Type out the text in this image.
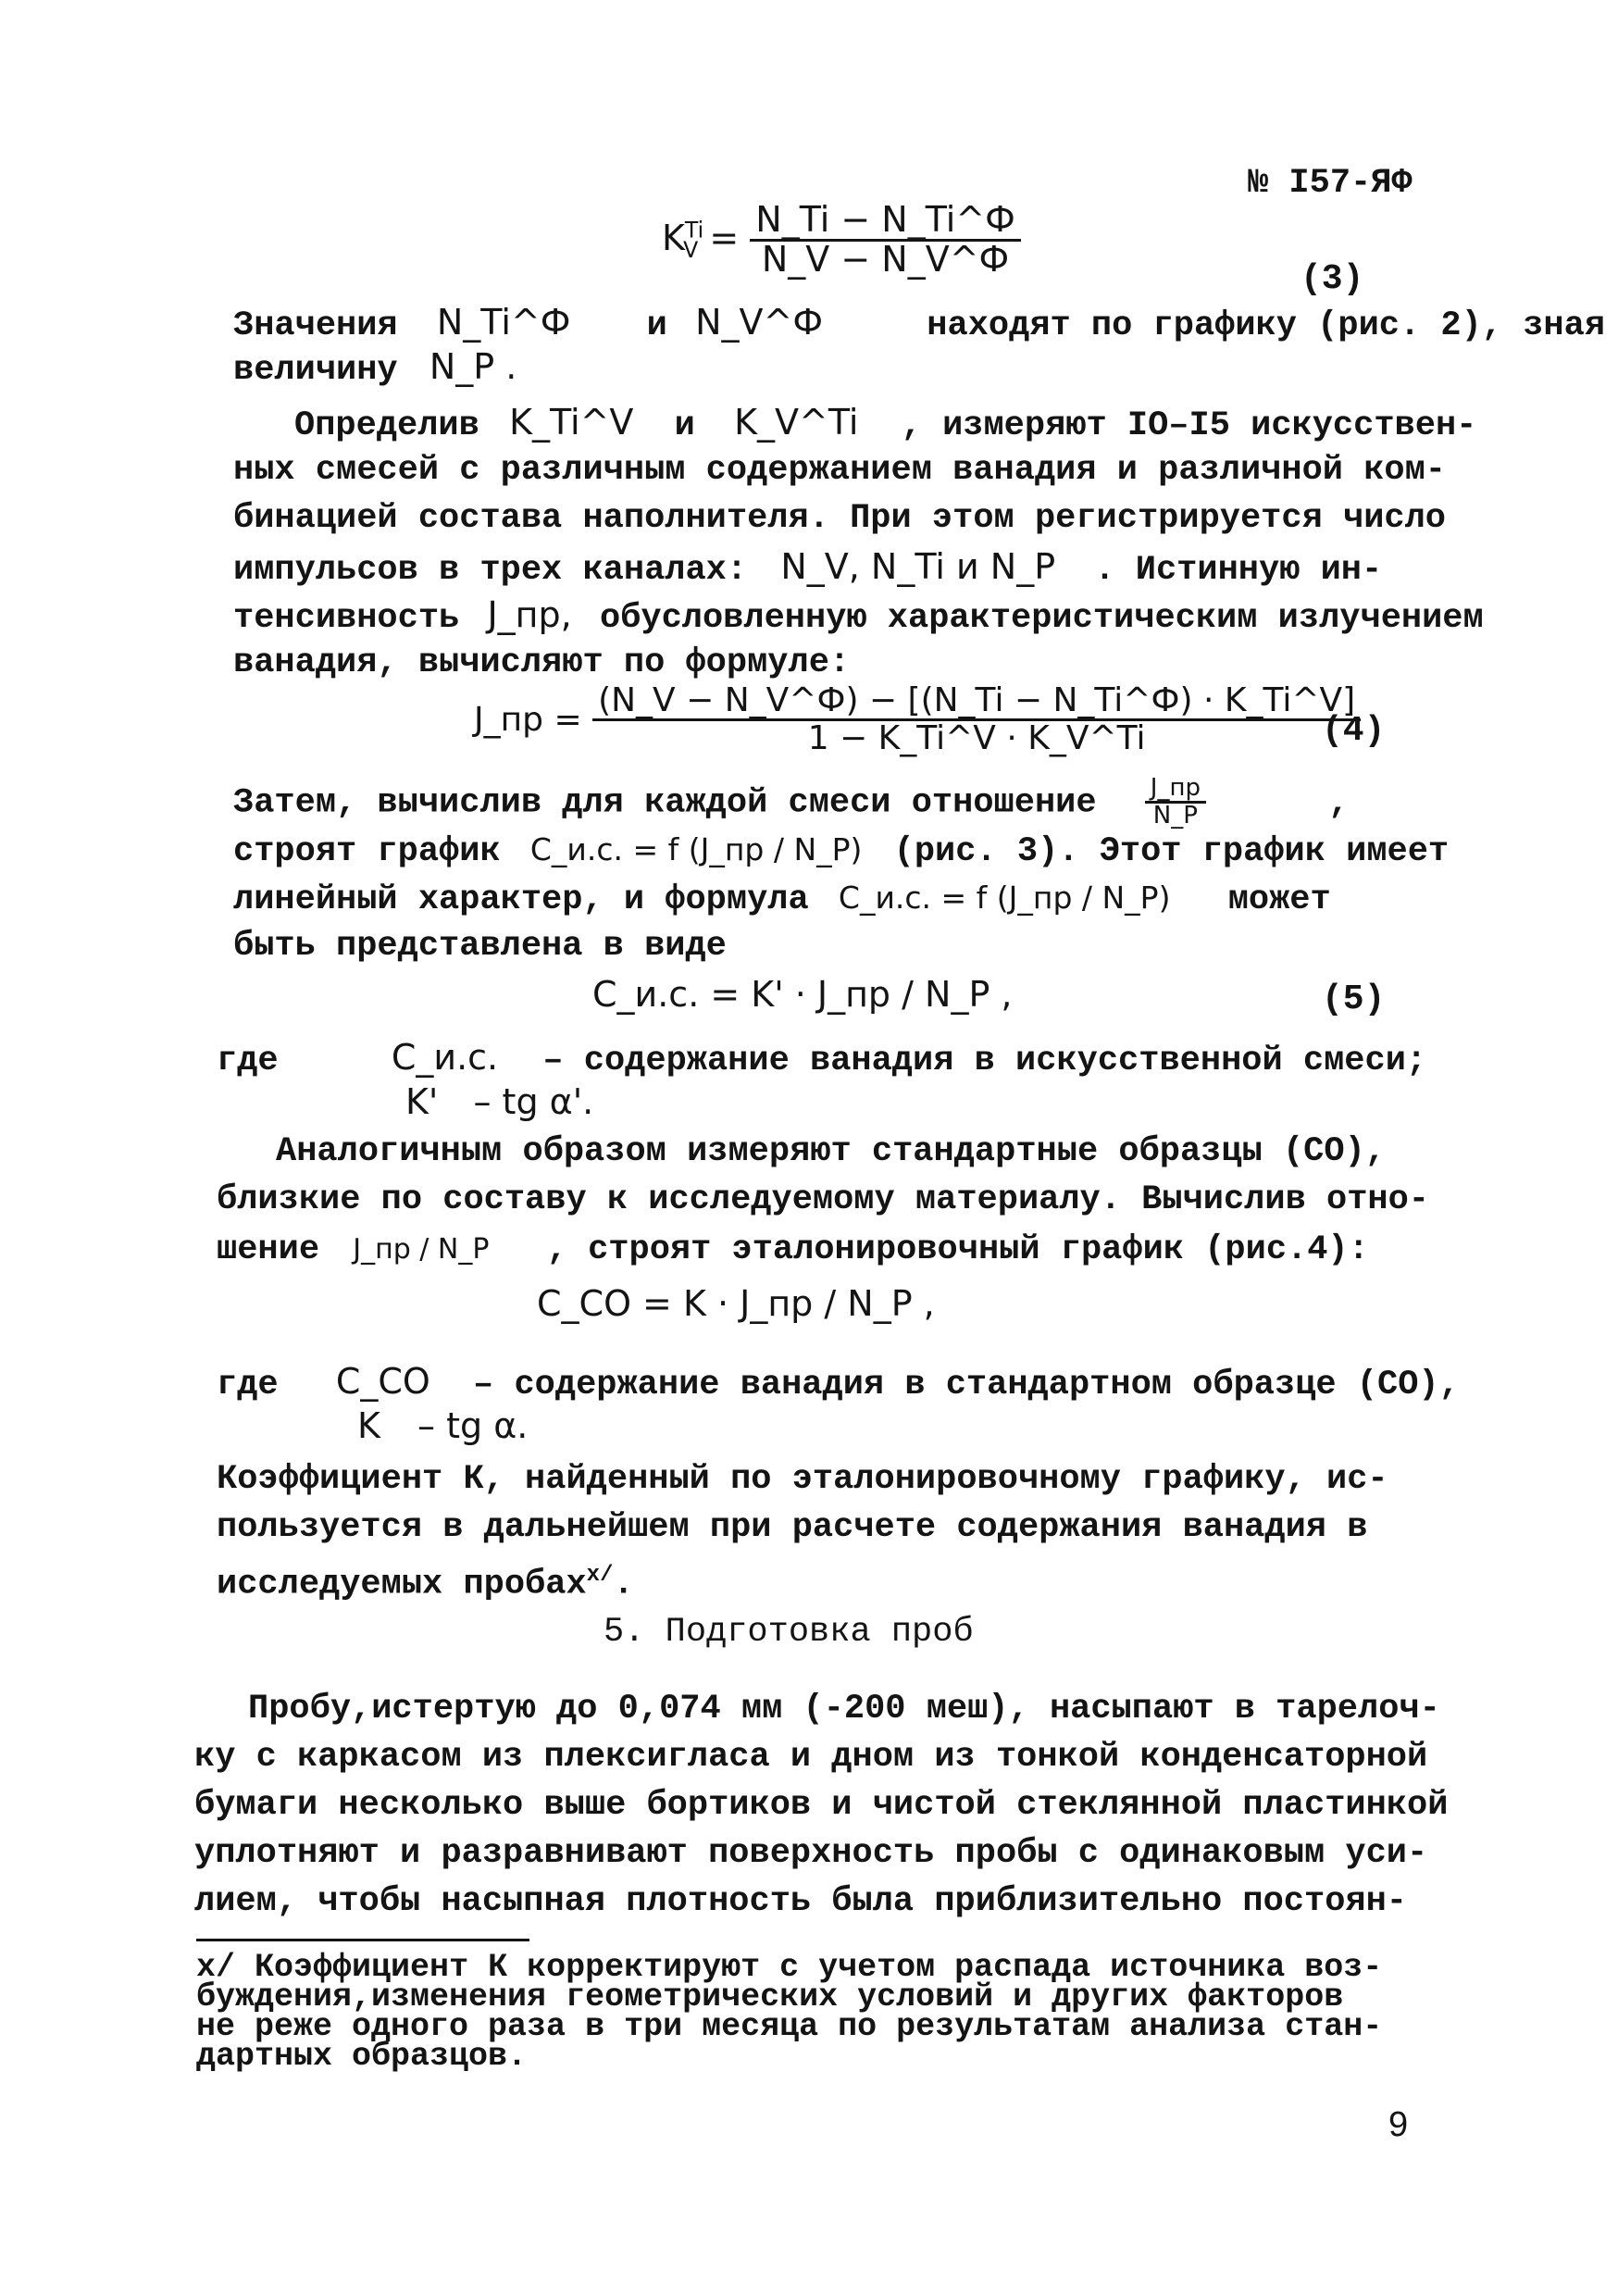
№ I57-ЯФ
$K^{Ti}_V = \frac{N\_Ti - N\_Ti\^{}Ф}{N\_V - N\_V\^{}Ф}$
(3)
Значения N_Ti^Ф и N_V^Ф	находят по графику (рис. 2), зная
величину N_P .
Определив K_Ti^V и K_V^Ti , измеряют IO–I5 искусствен-
ных смесей с различным содержанием ванадия и различной ком-
бинацией состава наполнителя. При этом регистрируется число
импульсов в трех каналах: N_V, N_Ti и N_P . Истинную ин-
тенсивность J_пр, обусловленную характеристическим излучением
ванадия, вычисляют по формуле:
J_пр = $\frac{(N\_V - N\_V\^{}Ф) - [(N\_Ti - N\_Ti\^{}Ф) \cdot K\_Ti\^{}V]}{1 - K\_Ti\^{}V \cdot K\_V\^{}Ti}$
(4)
Затем, вычислив для каждой смеси отношение $\frac{J\_пр}{N\_P}$	,
строят график C_и.с. = f (J_пр / N_P) (рис. 3). Этот график имеет
линейный характер, и формула C_и.с. = f (J_пр / N_P) может
быть представлена в виде
C_и.с. = K' · J_пр / N_P ,	(5)
где	C_и.с. – содержание ванадия в искусственной смеси;
K' – tg α'.
Аналогичным образом измеряют стандартные образцы (СО),
близкие по составу к исследуемому материалу. Вычислив отно-
шение J_пр / N_P , строят эталонировочный график (рис.4):
C_CO = K · J_пр / N_P ,
где C_CO – содержание ванадия в стандартном образце (СО),
K – tg α.
Коэффициент К, найденный по эталонировочному графику, ис-
пользуется в дальнейшем при расчете содержания ванадия в
исследуемых пробах$^{x/}$.
5. Подготовка проб
Пробу,истертую до 0,074 мм (-200 меш), насыпают в тарелоч-
ку с каркасом из плексигласа и дном из тонкой конденсаторной
бумаги несколько выше бортиков и чистой стеклянной пластинкой
уплотняют и разравнивают поверхность пробы с одинаковым уси-
лием, чтобы насыпная плотность была приблизительно постоян-
x/ Коэффициент К корректируют с учетом распада источника воз-
буждения,изменения геометрических условий и других факторов
не реже одного раза в три месяца по результатам анализа стан-
дартных образцов.
9
